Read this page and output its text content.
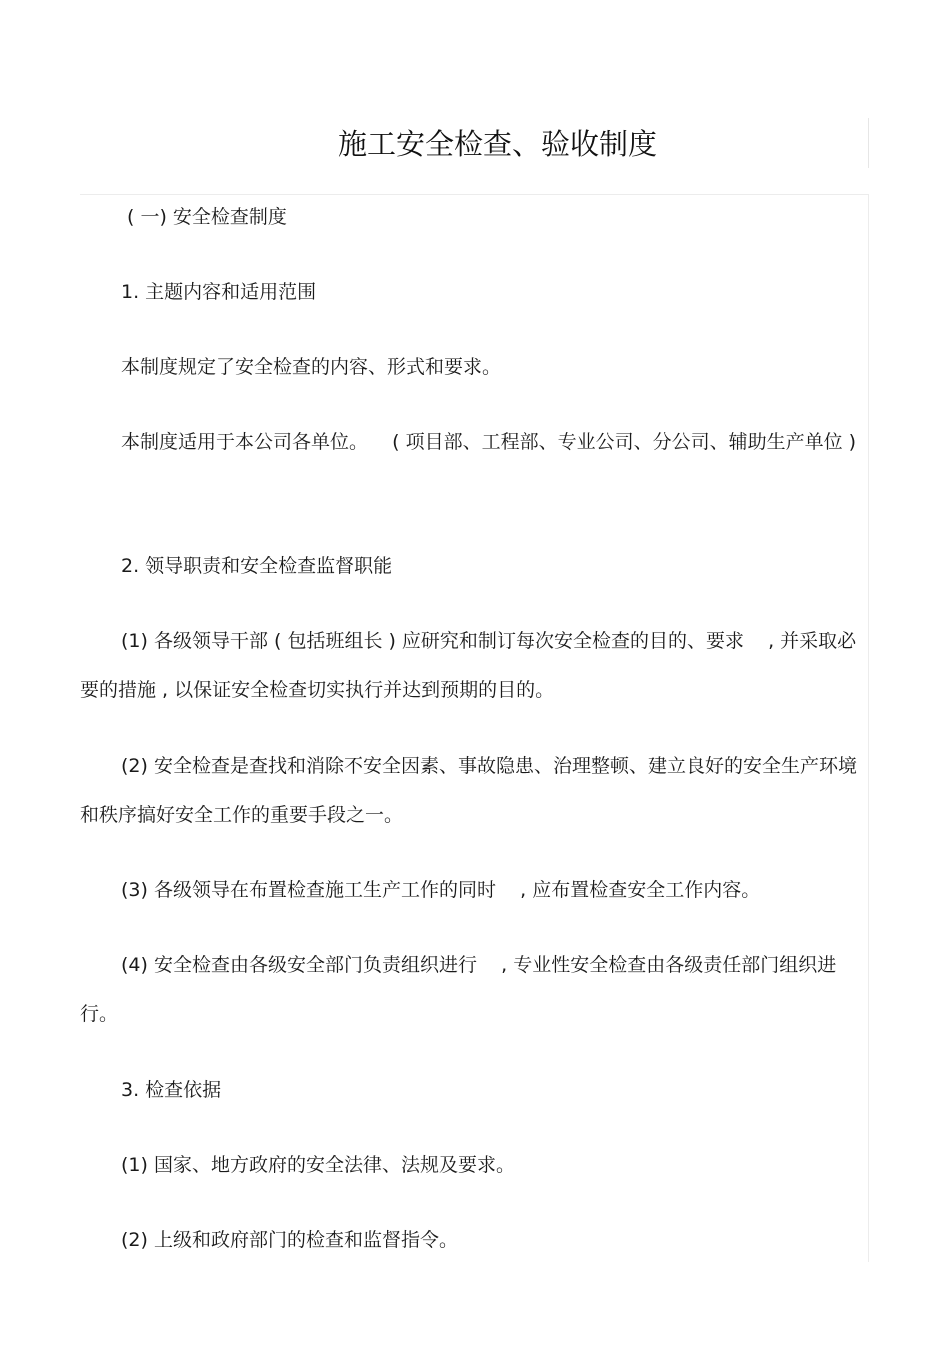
施工安全检查、验收制度

( 一) 安全检查制度

1. 主题内容和适用范围

本制度规定了安全检查的内容、形式和要求。

本制度适用于本公司各单位。    ( 项目部、工程部、专业公司、分公司、辅助生产单位 )

2. 领导职责和安全检查监督职能

(1) 各级领导干部 ( 包括班组长 ) 应研究和制订每次安全检查的目的、要求    , 并采取必要的措施 , 以保证安全检查切实执行并达到预期的目的。

(2) 安全检查是查找和消除不安全因素、事故隐患、治理整顿、建立良好的安全生产环境和秩序搞好安全工作的重要手段之一。

(3) 各级领导在布置检查施工生产工作的同时    , 应布置检查安全工作内容。

(4) 安全检查由各级安全部门负责组织进行    , 专业性安全检查由各级责任部门组织进行。

3. 检查依据

(1) 国家、地方政府的安全法律、法规及要求。

(2) 上级和政府部门的检查和监督指令。
